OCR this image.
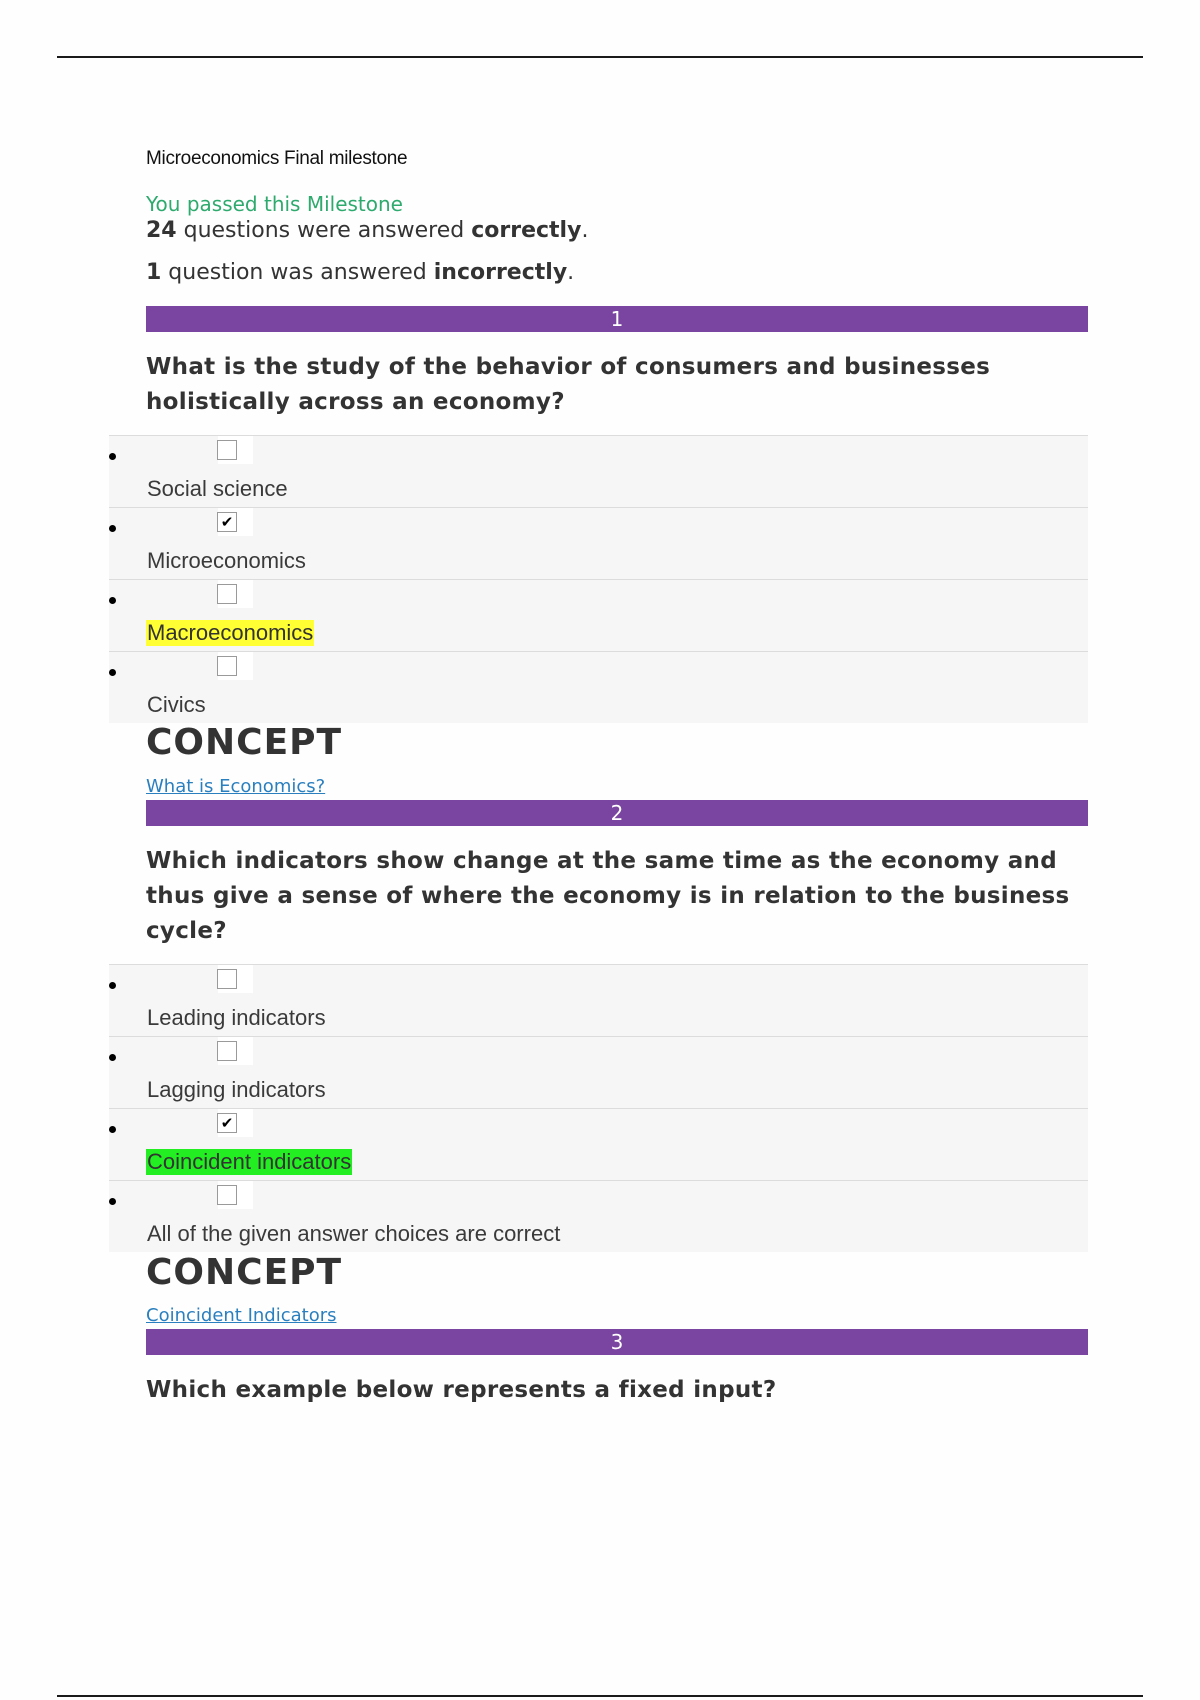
Microeconomics Final milestone
You passed this Milestone
24 questions were answered correctly.
1 question was answered incorrectly.
1
What is the study of the behavior of consumers and businesses holistically across an economy?
Social science
✔
Microeconomics
Macroeconomics
Civics
CONCEPT
What is Economics?
2
Which indicators show change at the same time as the economy and thus give a sense of where the economy is in relation to the business cycle?
Leading indicators
Lagging indicators
✔
Coincident indicators
All of the given answer choices are correct
CONCEPT
Coincident Indicators
3
Which example below represents a fixed input?
